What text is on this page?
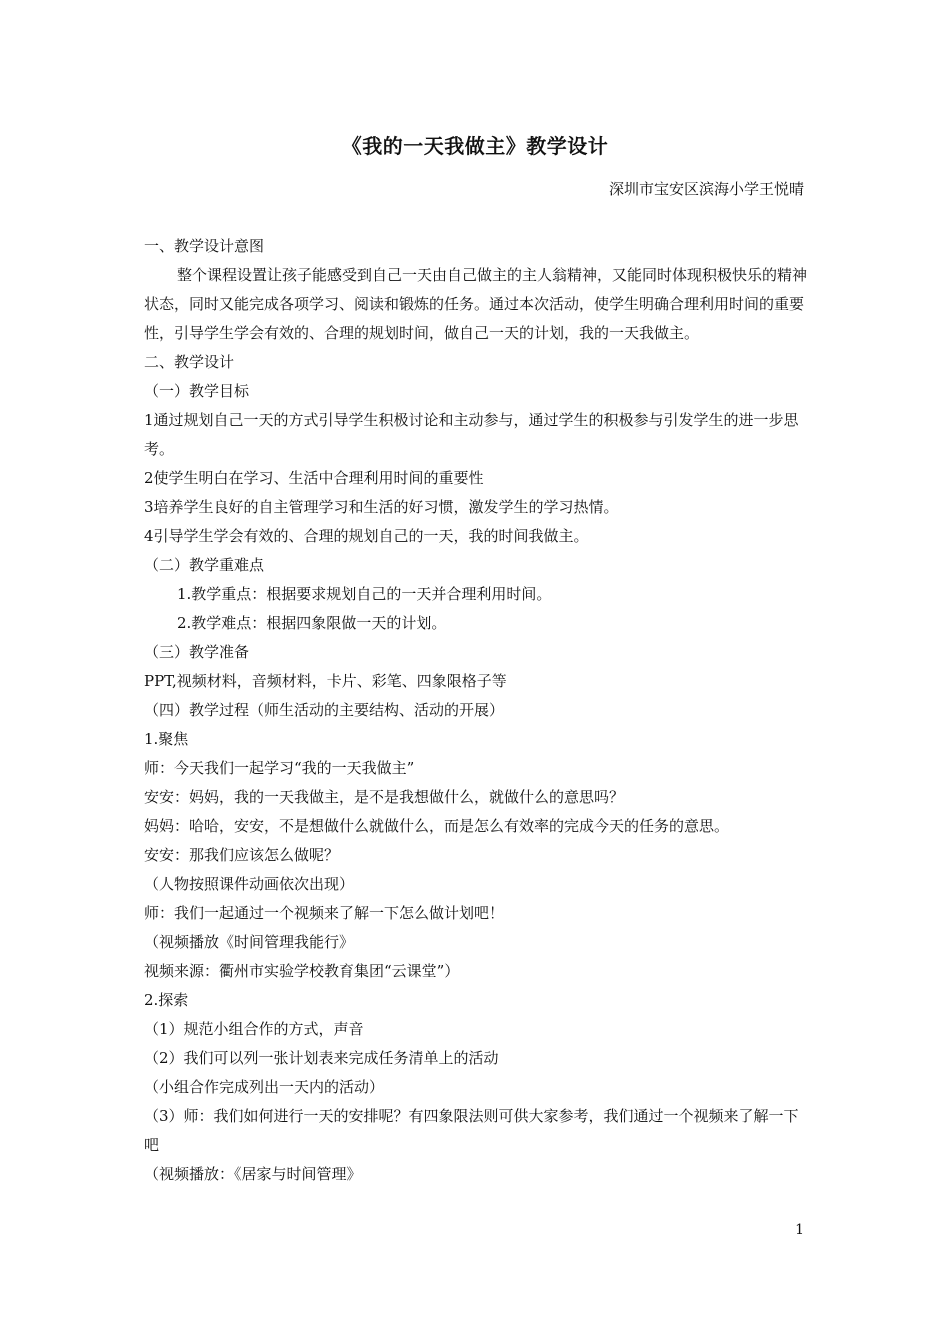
《我的一天我做主》教学设计
深圳市宝安区滨海小学王悦晴
一、教学设计意图
整个课程设置让孩子能感受到自己一天由自己做主的主人翁精神，又能同时体现积极快乐的精神状态，同时又能完成各项学习、阅读和锻炼的任务。通过本次活动，使学生明确合理利用时间的重要性，引导学生学会有效的、合理的规划时间，做自己一天的计划，我的一天我做主。
二、教学设计
（一）教学目标
1通过规划自己一天的方式引导学生积极讨论和主动参与，通过学生的积极参与引发学生的进一步思考。
2使学生明白在学习、生活中合理利用时间的重要性
3培养学生良好的自主管理学习和生活的好习惯，激发学生的学习热情。
4引导学生学会有效的、合理的规划自己的一天，我的时间我做主。
（二）教学重难点
1.教学重点：根据要求规划自己的一天并合理利用时间。
2.教学难点：根据四象限做一天的计划。
（三）教学准备
PPT,视频材料，音频材料，卡片、彩笔、四象限格子等
（四）教学过程（师生活动的主要结构、活动的开展）
1.聚焦
师：今天我们一起学习“我的一天我做主”
安安：妈妈，我的一天我做主，是不是我想做什么，就做什么的意思吗？
妈妈：哈哈，安安，不是想做什么就做什么，而是怎么有效率的完成今天的任务的意思。
安安：那我们应该怎么做呢？
（人物按照课件动画依次出现）
师：我们一起通过一个视频来了解一下怎么做计划吧！
（视频播放《时间管理我能行》
视频来源：衢州市实验学校教育集团“云课堂”）
2.探索
（1）规范小组合作的方式，声音
（2）我们可以列一张计划表来完成任务清单上的活动
（小组合作完成列出一天内的活动）
（3）师：我们如何进行一天的安排呢？有四象限法则可供大家参考，我们通过一个视频来了解一下吧
（视频播放：《居家与时间管理》
1
